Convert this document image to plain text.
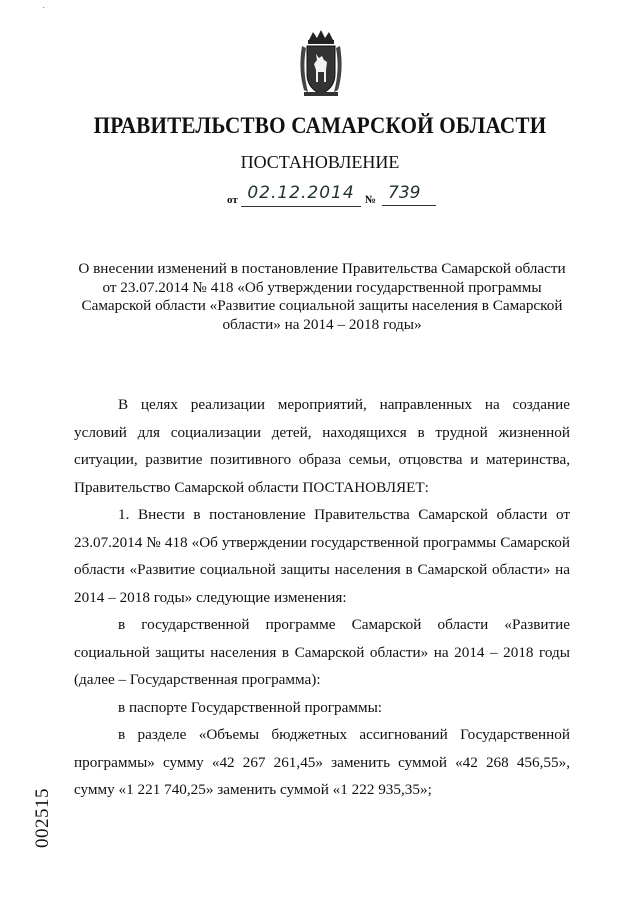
˙
ПРАВИТЕЛЬСТВО САМАРСКОЙ ОБЛАСТИ
ПОСТАНОВЛЕНИЕ
от 02.12.2014 № 739
О внесении изменений в постановление Правительства Самарской области от 23.07.2014 № 418 «Об утверждении государственной программы Самарской области «Развитие социальной защиты населения в Самарской области» на 2014 – 2018 годы»

В целях реализации мероприятий, направленных на создание условий для социализации детей, находящихся в трудной жизненной ситуации, развитие позитивного образа семьи, отцовства и материнства, Правительство Самарской области ПОСТАНОВЛЯЕТ:

1. Внести в постановление Правительства Самарской области от 23.07.2014 № 418 «Об утверждении государственной программы Самарской области «Развитие социальной защиты населения в Самарской области» на 2014 – 2018 годы» следующие изменения:

в государственной программе Самарской области «Развитие социальной защиты населения в Самарской области» на 2014 – 2018 годы (далее – Государственная программа):

в паспорте Государственной программы:

в разделе «Объемы бюджетных ассигнований Государственной программы» сумму «42 267 261,45» заменить суммой «42 268 456,55», сумму «1 221 740,25» заменить суммой «1 222 935,35»;

002515
